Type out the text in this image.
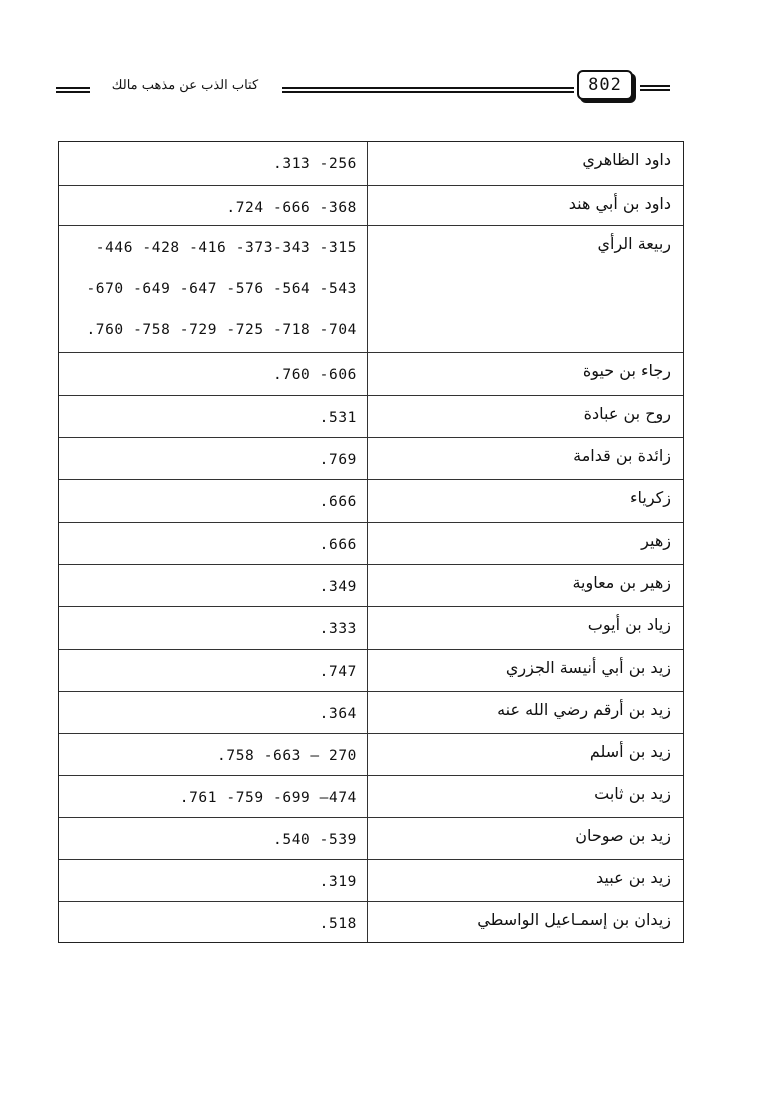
كتاب الذب عن مذهب مالك	802
داود الظاهري
.313 -256
داود بن أبي هند
.724 -666 -368
ربيعة الرأي
-446 -428 -416 -373-343 -315
-670 -649 -647 -576 -564 -543
.760 -758 -729 -725 -718 -704
رجاء بن حيوة
.760 -606
روح بن عبادة
.531
زائدة بن قدامة
.769
زكرياء
.666
زهير
.666
زهير بن معاوية
.349
زياد بن أيوب
.333
زيد بن أبي أنيسة الجزري
.747
زيد بن أرقم رضي الله عنه
.364
زيد بن أسلم
.758 -663 – 270
زيد بن ثابت
.761 -759 -699 –474
زيد بن صوحان
.540 -539
زيد بن عبيد
.319
زيدان بن إسمـاعيل الواسطي
.518
